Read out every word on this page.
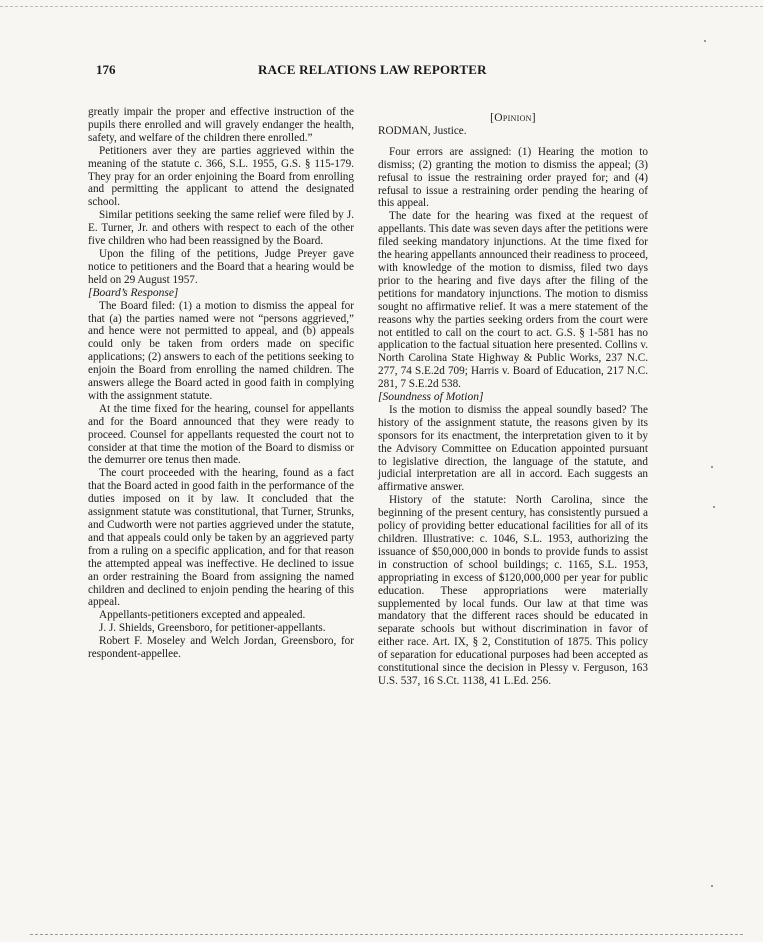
176	RACE RELATIONS LAW REPORTER

greatly impair the proper and effective instruction of the pupils there enrolled and will gravely endanger the health, safety, and welfare of the children there enrolled.”

Petitioners aver they are parties aggrieved within the meaning of the statute c. 366, S.L. 1955, G.S. § 115-179. They pray for an order enjoining the Board from enrolling and permitting the applicant to attend the designated school.

Similar petitions seeking the same relief were filed by J. E. Turner, Jr. and others with respect to each of the other five children who had been reassigned by the Board.

Upon the filing of the petitions, Judge Preyer gave notice to petitioners and the Board that a hearing would be held on 29 August 1957.

[Board’s Response]

The Board filed: (1) a motion to dismiss the appeal for that (a) the parties named were not “persons aggrieved,” and hence were not permitted to appeal, and (b) appeals could only be taken from orders made on specific applications; (2) answers to each of the petitions seeking to enjoin the Board from enrolling the named children. The answers allege the Board acted in good faith in complying with the assignment statute.

At the time fixed for the hearing, counsel for appellants and for the Board announced that they were ready to proceed. Counsel for appellants requested the court not to consider at that time the motion of the Board to dismiss or the demurrer ore tenus then made.

The court proceeded with the hearing, found as a fact that the Board acted in good faith in the performance of the duties imposed on it by law. It concluded that the assignment statute was constitutional, that Turner, Strunks, and Cudworth were not parties aggrieved under the statute, and that appeals could only be taken by an aggrieved party from a ruling on a specific application, and for that reason the attempted appeal was ineffective. He declined to issue an order restraining the Board from assigning the named children and declined to enjoin pending the hearing of this appeal.

Appellants-petitioners excepted and appealed.

J. J. Shields, Greensboro, for petitioner-appellants.

Robert F. Moseley and Welch Jordan, Greensboro, for respondent-appellee.

[Opinion]

RODMAN, Justice.

Four errors are assigned: (1) Hearing the motion to dismiss; (2) granting the motion to dismiss the appeal; (3) refusal to issue the restraining order prayed for; and (4) refusal to issue a restraining order pending the hearing of this appeal.

The date for the hearing was fixed at the request of appellants. This date was seven days after the petitions were filed seeking mandatory injunctions. At the time fixed for the hearing appellants announced their readiness to proceed, with knowledge of the motion to dismiss, filed two days prior to the hearing and five days after the filing of the petitions for mandatory injunctions. The motion to dismiss sought no affirmative relief. It was a mere statement of the reasons why the parties seeking orders from the court were not entitled to call on the court to act. G.S. § 1-581 has no application to the factual situation here presented. Collins v. North Carolina State Highway & Public Works, 237 N.C. 277, 74 S.E.2d 709; Harris v. Board of Education, 217 N.C. 281, 7 S.E.2d 538.

[Soundness of Motion]

Is the motion to dismiss the appeal soundly based? The history of the assignment statute, the reasons given by its sponsors for its enactment, the interpretation given to it by the Advisory Committee on Education appointed pursuant to legislative direction, the language of the statute, and judicial interpretation are all in accord. Each suggests an affirmative answer.

History of the statute: North Carolina, since the beginning of the present century, has consistently pursued a policy of providing better educational facilities for all of its children. Illustrative: c. 1046, S.L. 1953, authorizing the issuance of $50,000,000 in bonds to provide funds to assist in construction of school buildings; c. 1165, S.L. 1953, appropriating in excess of $120,000,000 per year for public education. These appropriations were materially supplemented by local funds. Our law at that time was mandatory that the different races should be educated in separate schools but without discrimination in favor of either race. Art. IX, § 2, Constitution of 1875. This policy of separation for educational purposes had been accepted as constitutional since the decision in Plessy v. Ferguson, 163 U.S. 537, 16 S.Ct. 1138, 41 L.Ed. 256.
